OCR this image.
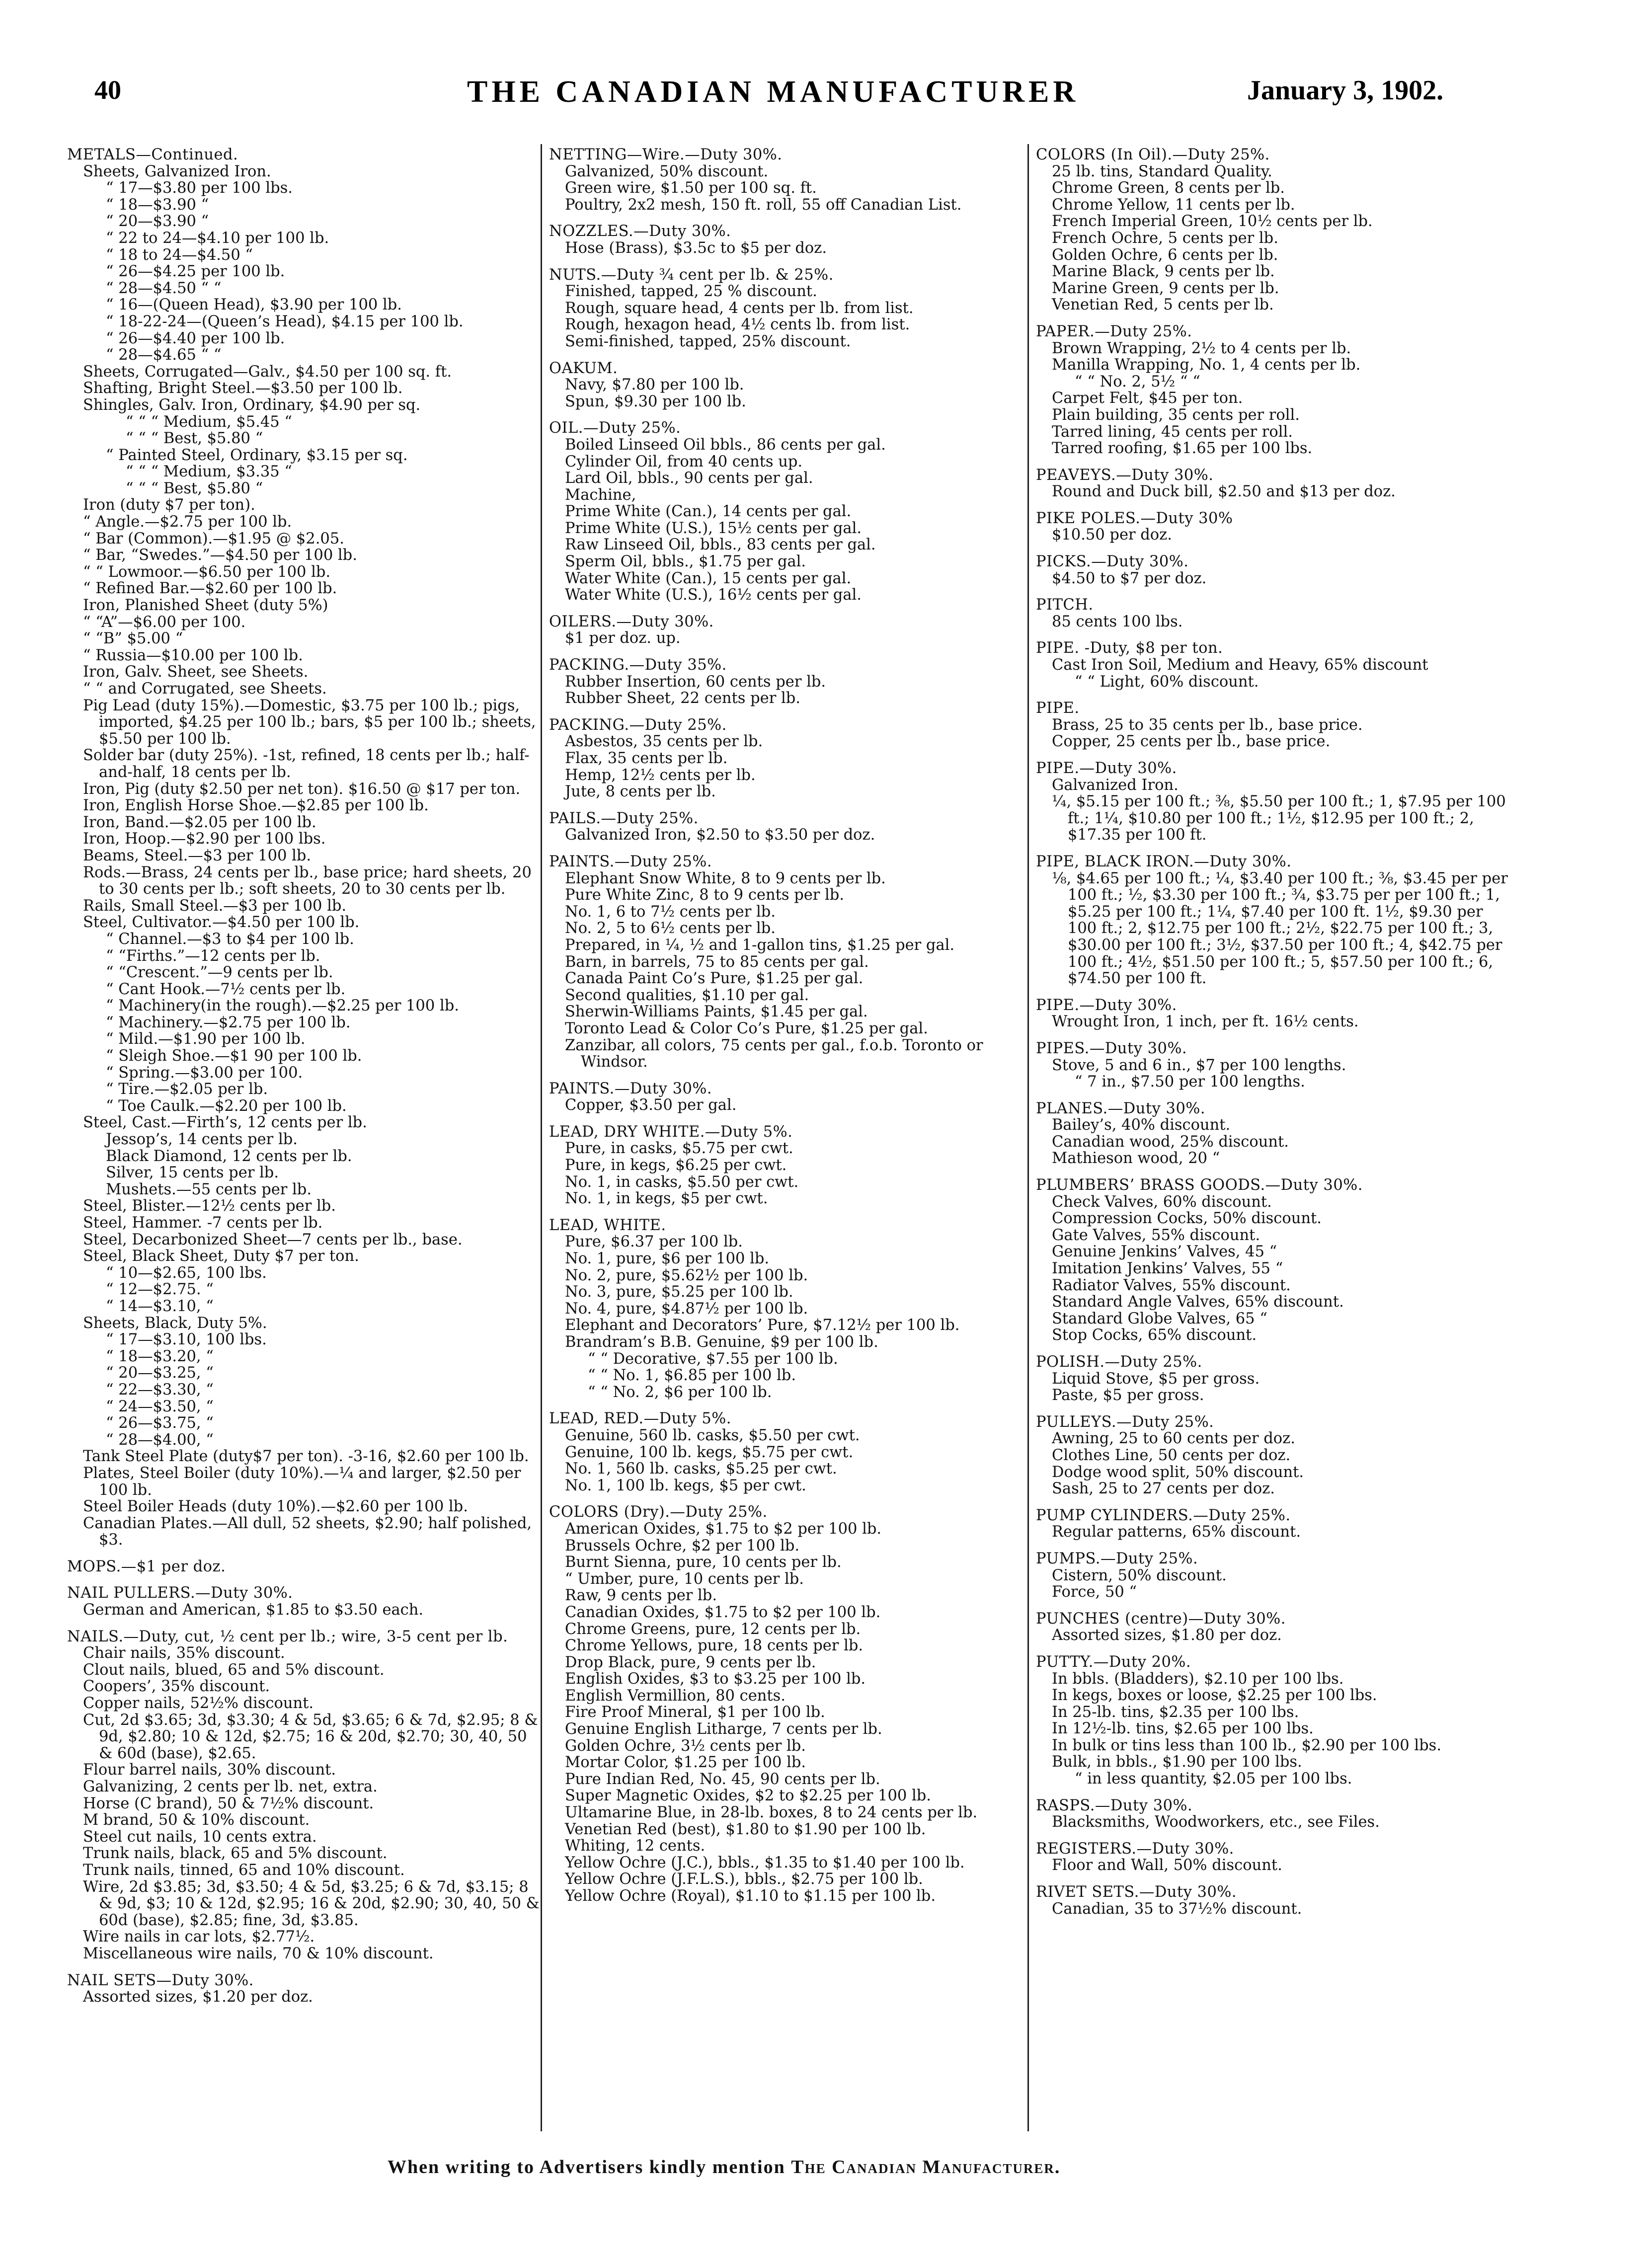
40	THE CANADIAN MANUFACTURER	January 3, 1902.
METALS—Continued.
Sheets, Galvanized Iron.
“ 17—$3.80 per 100 lbs.
“ 18—$3.90 “
“ 20—$3.90 “
“ 22 to 24—$4.10 per 100 lb.
“ 18 to 24—$4.50 “
“ 26—$4.25 per 100 lb.
“ 28—$4.50 “ “
“ 16—(Queen Head), $3.90 per 100 lb.
“ 18-22-24—(Queen’s Head), $4.15 per 100 lb.
“ 26—$4.40 per 100 lb.
“ 28—$4.65 “ “
Sheets, Corrugated—Galv., $4.50 per 100 sq. ft.
Shafting, Bright Steel.—$3.50 per 100 lb.
Shingles, Galv. Iron, Ordinary, $4.90 per sq.
“ “ “ Medium, $5.45 “
“ “ “ Best, $5.80 “
“ Painted Steel, Ordinary, $3.15 per sq.
“ “ “ Medium, $3.35 “
“ “ “ Best, $5.80 “
Iron (duty $7 per ton).
“ Angle.—$2.75 per 100 lb.
“ Bar (Common).—$1.95 @ $2.05.
“ Bar, “Swedes.”—$4.50 per 100 lb.
“ “ Lowmoor.—$6.50 per 100 lb.
“ Refined Bar.—$2.60 per 100 lb.
Iron, Planished Sheet (duty 5%)
“ “A”—$6.00 per 100.
“ “B” $5.00 “
“ Russia—$10.00 per 100 lb.
Iron, Galv. Sheet, see Sheets.
“ “ and Corrugated, see Sheets.
Pig Lead (duty 15%).—Domestic, $3.75 per 100 lb.; pigs, imported, $4.25 per 100 lb.; bars, $5 per 100 lb.; sheets, $5.50 per 100 lb.
Solder bar (duty 25%). -1st, refined, 18 cents per lb.; half-and-half, 18 cents per lb.
Iron, Pig (duty $2.50 per net ton). $16.50 @ $17 per ton.
Iron, English Horse Shoe.—$2.85 per 100 lb.
Iron, Band.—$2.05 per 100 lb.
Iron, Hoop.—$2.90 per 100 lbs.
Beams, Steel.—$3 per 100 lb.
Rods.—Brass, 24 cents per lb., base price; hard sheets, 20 to 30 cents per lb.; soft sheets, 20 to 30 cents per lb.
Rails, Small Steel.—$3 per 100 lb.
Steel, Cultivator.—$4.50 per 100 lb.
“ Channel.—$3 to $4 per 100 lb.
“ “Firths.”—12 cents per lb.
“ “Crescent.”—9 cents per lb.
“ Cant Hook.—7½ cents per lb.
“ Machinery(in the rough).—$2.25 per 100 lb.
“ Machinery.—$2.75 per 100 lb.
“ Mild.—$1.90 per 100 lb.
“ Sleigh Shoe.—$1 90 per 100 lb.
“ Spring.—$3.00 per 100.
“ Tire.—$2.05 per lb.
“ Toe Caulk.—$2.20 per 100 lb.
Steel, Cast.—Firth’s, 12 cents per lb.
Jessop’s, 14 cents per lb.
Black Diamond, 12 cents per lb.
Silver, 15 cents per lb.
Mushets.—55 cents per lb.
Steel, Blister.—12½ cents per lb.
Steel, Hammer. -7 cents per lb.
Steel, Decarbonized Sheet—7 cents per lb., base.
Steel, Black Sheet, Duty $7 per ton.
“ 10—$2.65, 100 lbs.
“ 12—$2.75. “
“ 14—$3.10, “
Sheets, Black, Duty 5%.
“ 17—$3.10, 100 lbs.
“ 18—$3.20, “
“ 20—$3.25, “
“ 22—$3.30, “
“ 24—$3.50, “
“ 26—$3.75, “
“ 28—$4.00, “
Tank Steel Plate (duty$7 per ton). -3-16, $2.60 per 100 lb.
Plates, Steel Boiler (duty 10%).—¼ and larger, $2.50 per 100 lb.
Steel Boiler Heads (duty 10%).—$2.60 per 100 lb.
Canadian Plates.—All dull, 52 sheets, $2.90; half polished, $3.
MOPS.—$1 per doz.
NAIL PULLERS.—Duty 30%.
German and American, $1.85 to $3.50 each.
NAILS.—Duty, cut, ½ cent per lb.; wire, 3-5 cent per lb.
Chair nails, 35% discount.
Clout nails, blued, 65 and 5% discount.
Coopers’, 35% discount.
Copper nails, 52½% discount.
Cut, 2d $3.65; 3d, $3.30; 4 & 5d, $3.65; 6 & 7d, $2.95; 8 & 9d, $2.80; 10 & 12d, $2.75; 16 & 20d, $2.70; 30, 40, 50 & 60d (base), $2.65.
Flour barrel nails, 30% discount.
Galvanizing, 2 cents per lb. net, extra.
Horse (C brand), 50 & 7½% discount.
M brand, 50 & 10% discount.
Steel cut nails, 10 cents extra.
Trunk nails, black, 65 and 5% discount.
Trunk nails, tinned, 65 and 10% discount.
Wire, 2d $3.85; 3d, $3.50; 4 & 5d, $3.25; 6 & 7d, $3.15; 8 & 9d, $3; 10 & 12d, $2.95; 16 & 20d, $2.90; 30, 40, 50 & 60d (base), $2.85; fine, 3d, $3.85.
Wire nails in car lots, $2.77½.
Miscellaneous wire nails, 70 & 10% discount.
NAIL SETS—Duty 30%.
Assorted sizes, $1.20 per doz.
NETTING—Wire.—Duty 30%.
Galvanized, 50% discount.
Green wire, $1.50 per 100 sq. ft.
Poultry, 2x2 mesh, 150 ft. roll, 55 off Canadian List.
NOZZLES.—Duty 30%.
Hose (Brass), $3.5c to $5 per doz.
NUTS.—Duty ¾ cent per lb. & 25%.
Finished, tapped, 25 % discount.
Rough, square head, 4 cents per lb. from list.
Rough, hexagon head, 4½ cents lb. from list.
Semi-finished, tapped, 25% discount.
OAKUM.
Navy, $7.80 per 100 lb.
Spun, $9.30 per 100 lb.
OIL.—Duty 25%.
Boiled Linseed Oil bbls., 86 cents per gal.
Cylinder Oil, from 40 cents up.
Lard Oil, bbls., 90 cents per gal.
Machine,
Prime White (Can.), 14 cents per gal.
Prime White (U.S.), 15½ cents per gal.
Raw Linseed Oil, bbls., 83 cents per gal.
Sperm Oil, bbls., $1.75 per gal.
Water White (Can.), 15 cents per gal.
Water White (U.S.), 16½ cents per gal.
OILERS.—Duty 30%.
$1 per doz. up.
PACKING.—Duty 35%.
Rubber Insertion, 60 cents per lb.
Rubber Sheet, 22 cents per lb.
PACKING.—Duty 25%.
Asbestos, 35 cents per lb.
Flax, 35 cents per lb.
Hemp, 12½ cents per lb.
Jute, 8 cents per lb.
PAILS.—Duty 25%.
Galvanized Iron, $2.50 to $3.50 per doz.
PAINTS.—Duty 25%.
Elephant Snow White, 8 to 9 cents per lb.
Pure White Zinc, 8 to 9 cents per lb.
No. 1, 6 to 7½ cents per lb.
No. 2, 5 to 6½ cents per lb.
Prepared, in ¼, ½ and 1-gallon tins, $1.25 per gal.
Barn, in barrels, 75 to 85 cents per gal.
Canada Paint Co’s Pure, $1.25 per gal.
Second qualities, $1.10 per gal.
Sherwin-Williams Paints, $1.45 per gal.
Toronto Lead & Color Co’s Pure, $1.25 per gal.
Zanzibar, all colors, 75 cents per gal., f.o.b. Toronto or Windsor.
PAINTS.—Duty 30%.
Copper, $3.50 per gal.
LEAD, DRY WHITE.—Duty 5%.
Pure, in casks, $5.75 per cwt.
Pure, in kegs, $6.25 per cwt.
No. 1, in casks, $5.50 per cwt.
No. 1, in kegs, $5 per cwt.
LEAD, WHITE.
Pure, $6.37 per 100 lb.
No. 1, pure, $6 per 100 lb.
No. 2, pure, $5.62½ per 100 lb.
No. 3, pure, $5.25 per 100 lb.
No. 4, pure, $4.87½ per 100 lb.
Elephant and Decorators’ Pure, $7.12½ per 100 lb.
Brandram’s B.B. Genuine, $9 per 100 lb.
“ “ Decorative, $7.55 per 100 lb.
“ “ No. 1, $6.85 per 100 lb.
“ “ No. 2, $6 per 100 lb.
LEAD, RED.—Duty 5%.
Genuine, 560 lb. casks, $5.50 per cwt.
Genuine, 100 lb. kegs, $5.75 per cwt.
No. 1, 560 lb. casks, $5.25 per cwt.
No. 1, 100 lb. kegs, $5 per cwt.
COLORS (Dry).—Duty 25%.
American Oxides, $1.75 to $2 per 100 lb.
Brussels Ochre, $2 per 100 lb.
Burnt Sienna, pure, 10 cents per lb.
“ Umber, pure, 10 cents per lb.
Raw, 9 cents per lb.
Canadian Oxides, $1.75 to $2 per 100 lb.
Chrome Greens, pure, 12 cents per lb.
Chrome Yellows, pure, 18 cents per lb.
Drop Black, pure, 9 cents per lb.
English Oxides, $3 to $3.25 per 100 lb.
English Vermillion, 80 cents.
Fire Proof Mineral, $1 per 100 lb.
Genuine English Litharge, 7 cents per lb.
Golden Ochre, 3½ cents per lb.
Mortar Color, $1.25 per 100 lb.
Pure Indian Red, No. 45, 90 cents per lb.
Super Magnetic Oxides, $2 to $2.25 per 100 lb.
Ultamarine Blue, in 28-lb. boxes, 8 to 24 cents per lb.
Venetian Red (best), $1.80 to $1.90 per 100 lb.
Whiting, 12 cents.
Yellow Ochre (J.C.), bbls., $1.35 to $1.40 per 100 lb.
Yellow Ochre (J.F.L.S.), bbls., $2.75 per 100 lb.
Yellow Ochre (Royal), $1.10 to $1.15 per 100 lb.
COLORS (In Oil).—Duty 25%.
25 lb. tins, Standard Quality.
Chrome Green, 8 cents per lb.
Chrome Yellow, 11 cents per lb.
French Imperial Green, 10½ cents per lb.
French Ochre, 5 cents per lb.
Golden Ochre, 6 cents per lb.
Marine Black, 9 cents per lb.
Marine Green, 9 cents per lb.
Venetian Red, 5 cents per lb.
PAPER.—Duty 25%.
Brown Wrapping, 2½ to 4 cents per lb.
Manilla Wrapping, No. 1, 4 cents per lb.
“ “ No. 2, 5½ “ “
Carpet Felt, $45 per ton.
Plain building, 35 cents per roll.
Tarred lining, 45 cents per roll.
Tarred roofing, $1.65 per 100 lbs.
PEAVEYS.—Duty 30%.
Round and Duck bill, $2.50 and $13 per doz.
PIKE POLES.—Duty 30%
$10.50 per doz.
PICKS.—Duty 30%.
$4.50 to $7 per doz.
PITCH.
85 cents 100 lbs.
PIPE. -Duty, $8 per ton.
Cast Iron Soil, Medium and Heavy, 65% discount
“ “ Light, 60% discount.
PIPE.
Brass, 25 to 35 cents per lb., base price.
Copper, 25 cents per lb., base price.
PIPE.—Duty 30%.
Galvanized Iron.
¼, $5.15 per 100 ft.; ⅜, $5.50 per 100 ft.; 1, $7.95 per 100 ft.; 1¼, $10.80 per 100 ft.; 1½, $12.95 per 100 ft.; 2, $17.35 per 100 ft.
PIPE, BLACK IRON.—Duty 30%.
⅛, $4.65 per 100 ft.; ¼, $3.40 per 100 ft.; ⅜, $3.45 per per 100 ft.; ½, $3.30 per 100 ft.; ¾, $3.75 per per 100 ft.; 1, $5.25 per 100 ft.; 1¼, $7.40 per 100 ft. 1½, $9.30 per 100 ft.; 2, $12.75 per 100 ft.; 2½, $22.75 per 100 ft.; 3, $30.00 per 100 ft.; 3½, $37.50 per 100 ft.; 4, $42.75 per 100 ft.; 4½, $51.50 per 100 ft.; 5, $57.50 per 100 ft.; 6, $74.50 per 100 ft.
PIPE.—Duty 30%.
Wrought Iron, 1 inch, per ft. 16½ cents.
PIPES.—Duty 30%.
Stove, 5 and 6 in., $7 per 100 lengths.
“ 7 in., $7.50 per 100 lengths.
PLANES.—Duty 30%.
Bailey’s, 40% discount.
Canadian wood, 25% discount.
Mathieson wood, 20 “
PLUMBERS’ BRASS GOODS.—Duty 30%.
Check Valves, 60% discount.
Compression Cocks, 50% discount.
Gate Valves, 55% discount.
Genuine Jenkins’ Valves, 45 “
Imitation Jenkins’ Valves, 55 “
Radiator Valves, 55% discount.
Standard Angle Valves, 65% discount.
Standard Globe Valves, 65 “
Stop Cocks, 65% discount.
POLISH.—Duty 25%.
Liquid Stove, $5 per gross.
Paste, $5 per gross.
PULLEYS.—Duty 25%.
Awning, 25 to 60 cents per doz.
Clothes Line, 50 cents per doz.
Dodge wood split, 50% discount.
Sash, 25 to 27 cents per doz.
PUMP CYLINDERS.—Duty 25%.
Regular patterns, 65% discount.
PUMPS.—Duty 25%.
Cistern, 50% discount.
Force, 50 “
PUNCHES (centre)—Duty 30%.
Assorted sizes, $1.80 per doz.
PUTTY.—Duty 20%.
In bbls. (Bladders), $2.10 per 100 lbs.
In kegs, boxes or loose, $2.25 per 100 lbs.
In 25-lb. tins, $2.35 per 100 lbs.
In 12½-lb. tins, $2.65 per 100 lbs.
In bulk or tins less than 100 lb., $2.90 per 100 lbs.
Bulk, in bbls., $1.90 per 100 lbs.
“ in less quantity, $2.05 per 100 lbs.
RASPS.—Duty 30%.
Blacksmiths, Woodworkers, etc., see Files.
REGISTERS.—Duty 30%.
Floor and Wall, 50% discount.
RIVET SETS.—Duty 30%.
Canadian, 35 to 37½% discount.
When writing to Advertisers kindly mention The Canadian Manufacturer.
